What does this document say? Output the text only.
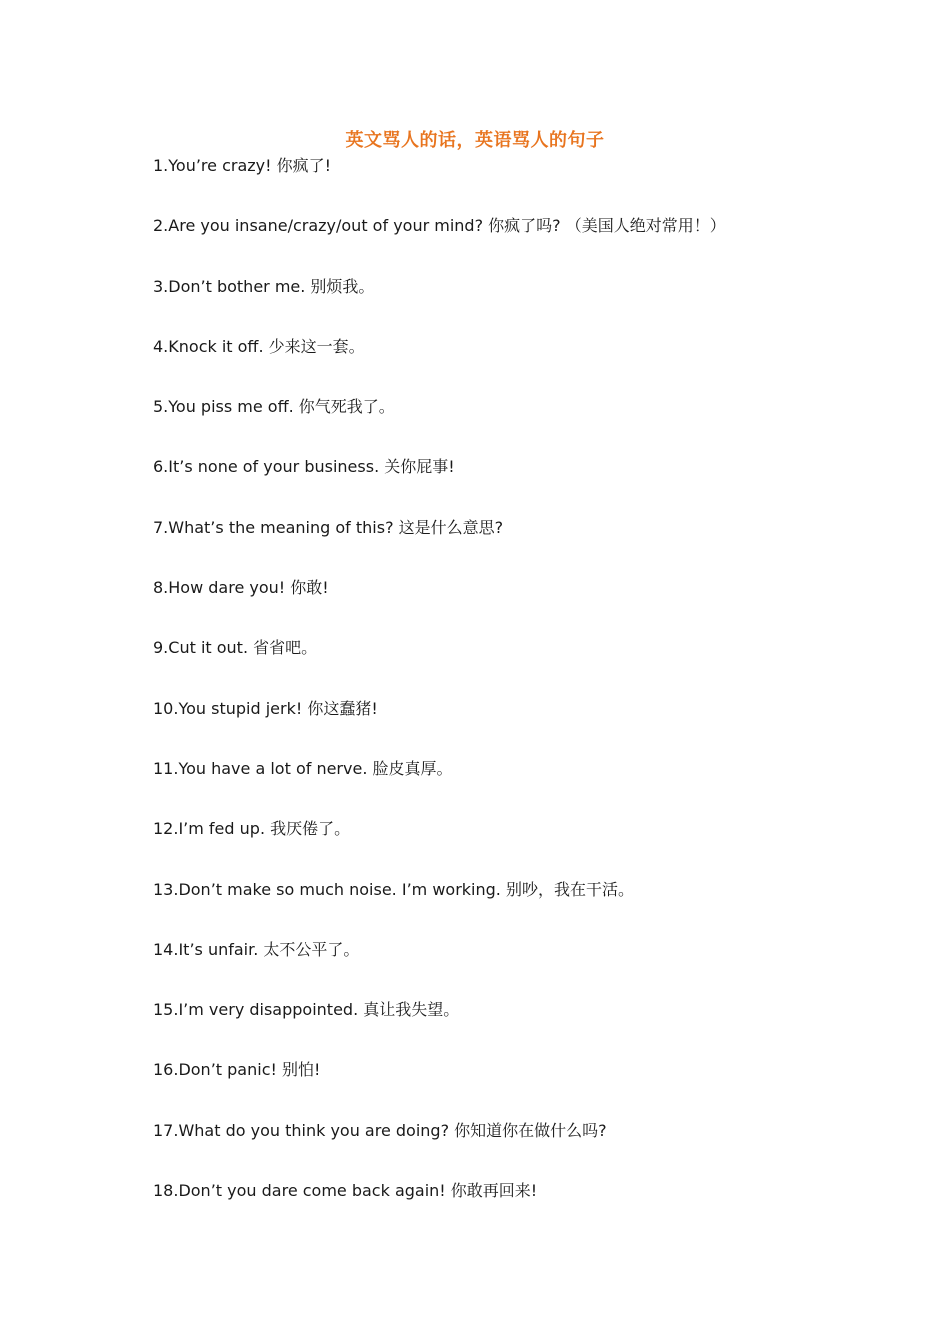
英文骂人的话，英语骂人的句子
1.You’re crazy! 你疯了!
2.Are you insane/crazy/out of your mind? 你疯了吗? （美国人绝对常用！）
3.Don’t bother me. 别烦我。
4.Knock it off. 少来这一套。
5.You piss me off. 你气死我了。
6.It’s none of your business. 关你屁事!
7.What’s the meaning of this? 这是什么意思?
8.How dare you! 你敢!
9.Cut it out. 省省吧。
10.You stupid jerk! 你这蠢猪!
11.You have a lot of nerve. 脸皮真厚。
12.I’m fed up. 我厌倦了。
13.Don’t make so much noise. I’m working. 别吵，我在干活。
14.It’s unfair. 太不公平了。
15.I’m very disappointed. 真让我失望。
16.Don’t panic! 别怕!
17.What do you think you are doing? 你知道你在做什么吗?
18.Don’t you dare come back again! 你敢再回来!
